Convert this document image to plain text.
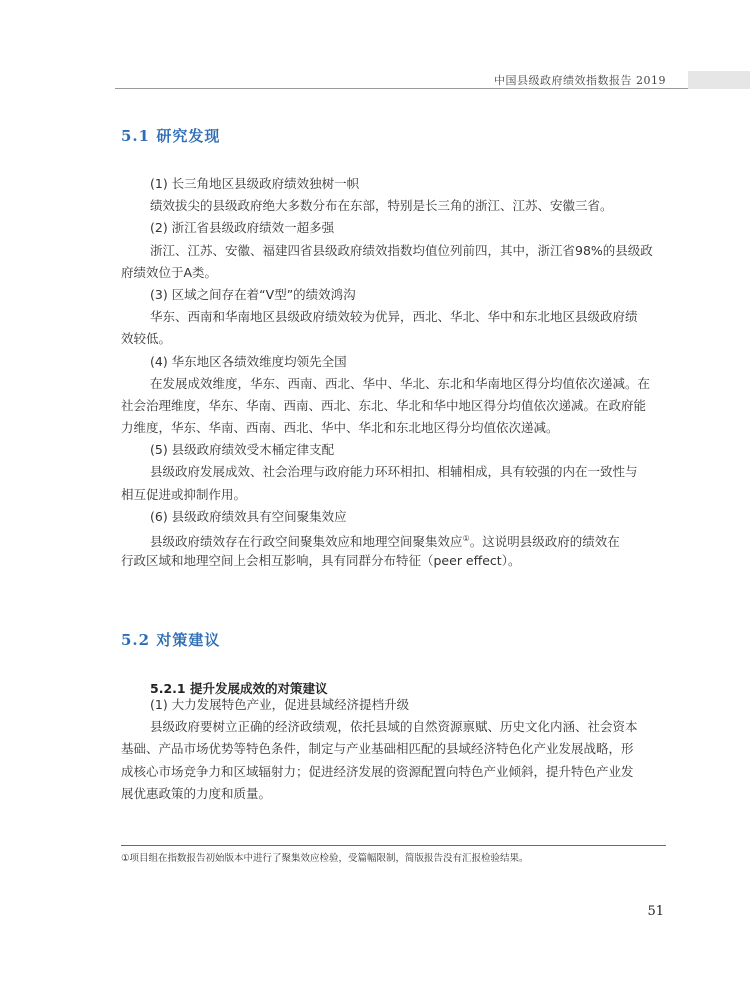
中国县级政府绩效指数报告 2019
5.1 研究发现
(1) 长三角地区县级政府绩效独树一帜
绩效拔尖的县级政府绝大多数分布在东部，特别是长三角的浙江、江苏、安徽三省。
(2) 浙江省县级政府绩效一超多强
浙江、江苏、安徽、福建四省县级政府绩效指数均值位列前四，其中，浙江省98%的县级政
府绩效位于A类。
(3) 区域之间存在着“V型”的绩效鸿沟
华东、西南和华南地区县级政府绩效较为优异，西北、华北、华中和东北地区县级政府绩
效较低。
(4) 华东地区各绩效维度均领先全国
在发展成效维度，华东、西南、西北、华中、华北、东北和华南地区得分均值依次递减。在
社会治理维度，华东、华南、西南、西北、东北、华北和华中地区得分均值依次递减。在政府能
力维度，华东、华南、西南、西北、华中、华北和东北地区得分均值依次递减。
(5) 县级政府绩效受木桶定律支配
县级政府发展成效、社会治理与政府能力环环相扣、相辅相成，具有较强的内在一致性与
相互促进或抑制作用。
(6) 县级政府绩效具有空间聚集效应
县级政府绩效存在行政空间聚集效应和地理空间聚集效应①。这说明县级政府的绩效在
行政区域和地理空间上会相互影响，具有同群分布特征（peer effect）。
5.2 对策建议
5.2.1 提升发展成效的对策建议
(1) 大力发展特色产业，促进县域经济提档升级
县级政府要树立正确的经济政绩观，依托县域的自然资源禀赋、历史文化内涵、社会资本
基础、产品市场优势等特色条件，制定与产业基础相匹配的县域经济特色化产业发展战略，形
成核心市场竞争力和区域辐射力；促进经济发展的资源配置向特色产业倾斜，提升特色产业发
展优惠政策的力度和质量。
①项目组在指数报告初始版本中进行了聚集效应检验，受篇幅限制，简版报告没有汇报检验结果。
51
